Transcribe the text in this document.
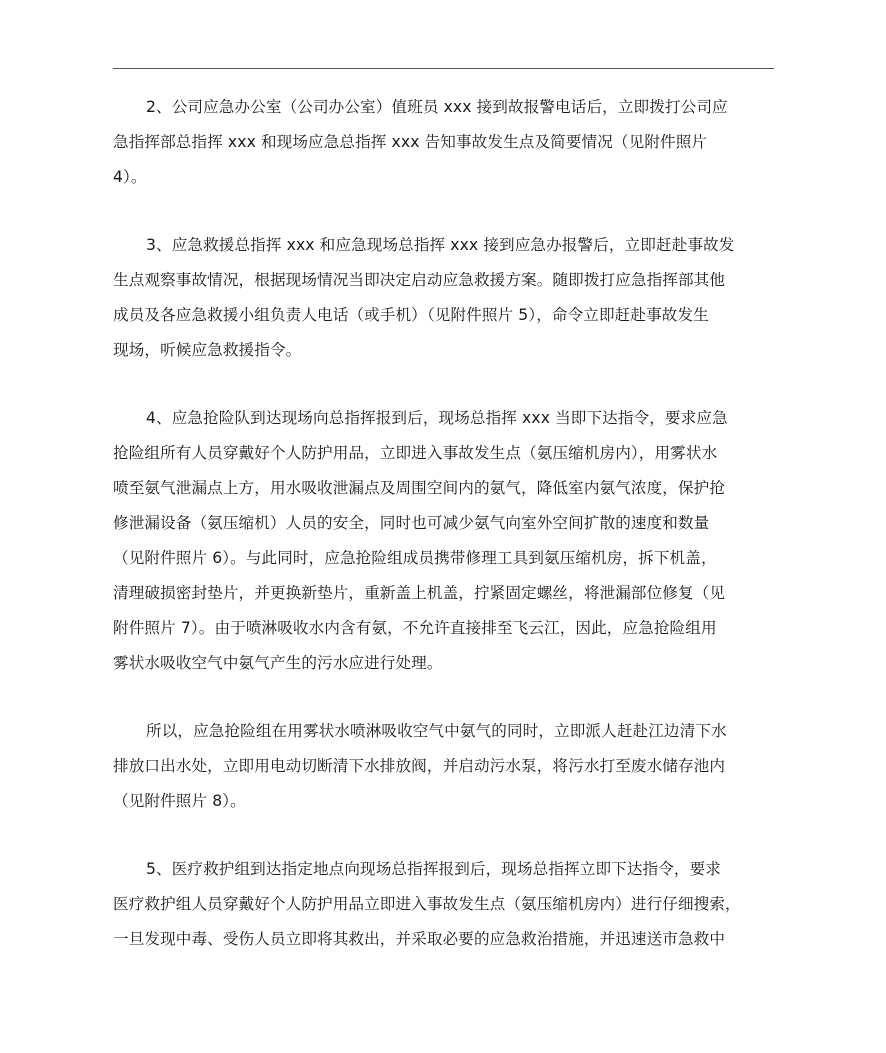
2、公司应急办公室（公司办公室）值班员 xxx 接到故报警电话后，立即拨打公司应
急指挥部总指挥 xxx 和现场应急总指挥 xxx 告知事故发生点及简要情况（见附件照片
4）。

3、应急救援总指挥 xxx 和应急现场总指挥 xxx 接到应急办报警后，立即赶赴事故发
生点观察事故情况，根据现场情况当即决定启动应急救援方案。随即拨打应急指挥部其他
成员及各应急救援小组负责人电话（或手机）（见附件照片 5），命令立即赶赴事故发生
现场，听候应急救援指令。

4、应急抢险队到达现场向总指挥报到后，现场总指挥 xxx 当即下达指令，要求应急
抢险组所有人员穿戴好个人防护用品，立即进入事故发生点（氨压缩机房内），用雾状水
喷至氨气泄漏点上方，用水吸收泄漏点及周围空间内的氨气，降低室内氨气浓度，保护抢
修泄漏设备（氨压缩机）人员的安全，同时也可减少氨气向室外空间扩散的速度和数量
（见附件照片 6）。与此同时，应急抢险组成员携带修理工具到氨压缩机房，拆下机盖，
清理破损密封垫片，并更换新垫片，重新盖上机盖，拧紧固定螺丝，将泄漏部位修复（见
附件照片 7）。由于喷淋吸收水内含有氨，不允许直接排至飞云江，因此，应急抢险组用
雾状水吸收空气中氨气产生的污水应进行处理。

所以，应急抢险组在用雾状水喷淋吸收空气中氨气的同时，立即派人赶赴江边清下水
排放口出水处，立即用电动切断清下水排放阀，并启动污水泵，将污水打至废水储存池内
（见附件照片 8）。

5、医疗救护组到达指定地点向现场总指挥报到后，现场总指挥立即下达指令，要求
医疗救护组人员穿戴好个人防护用品立即进入事故发生点（氨压缩机房内）进行仔细搜索，
一旦发现中毒、受伤人员立即将其救出，并采取必要的应急救治措施，并迅速送市急救中
